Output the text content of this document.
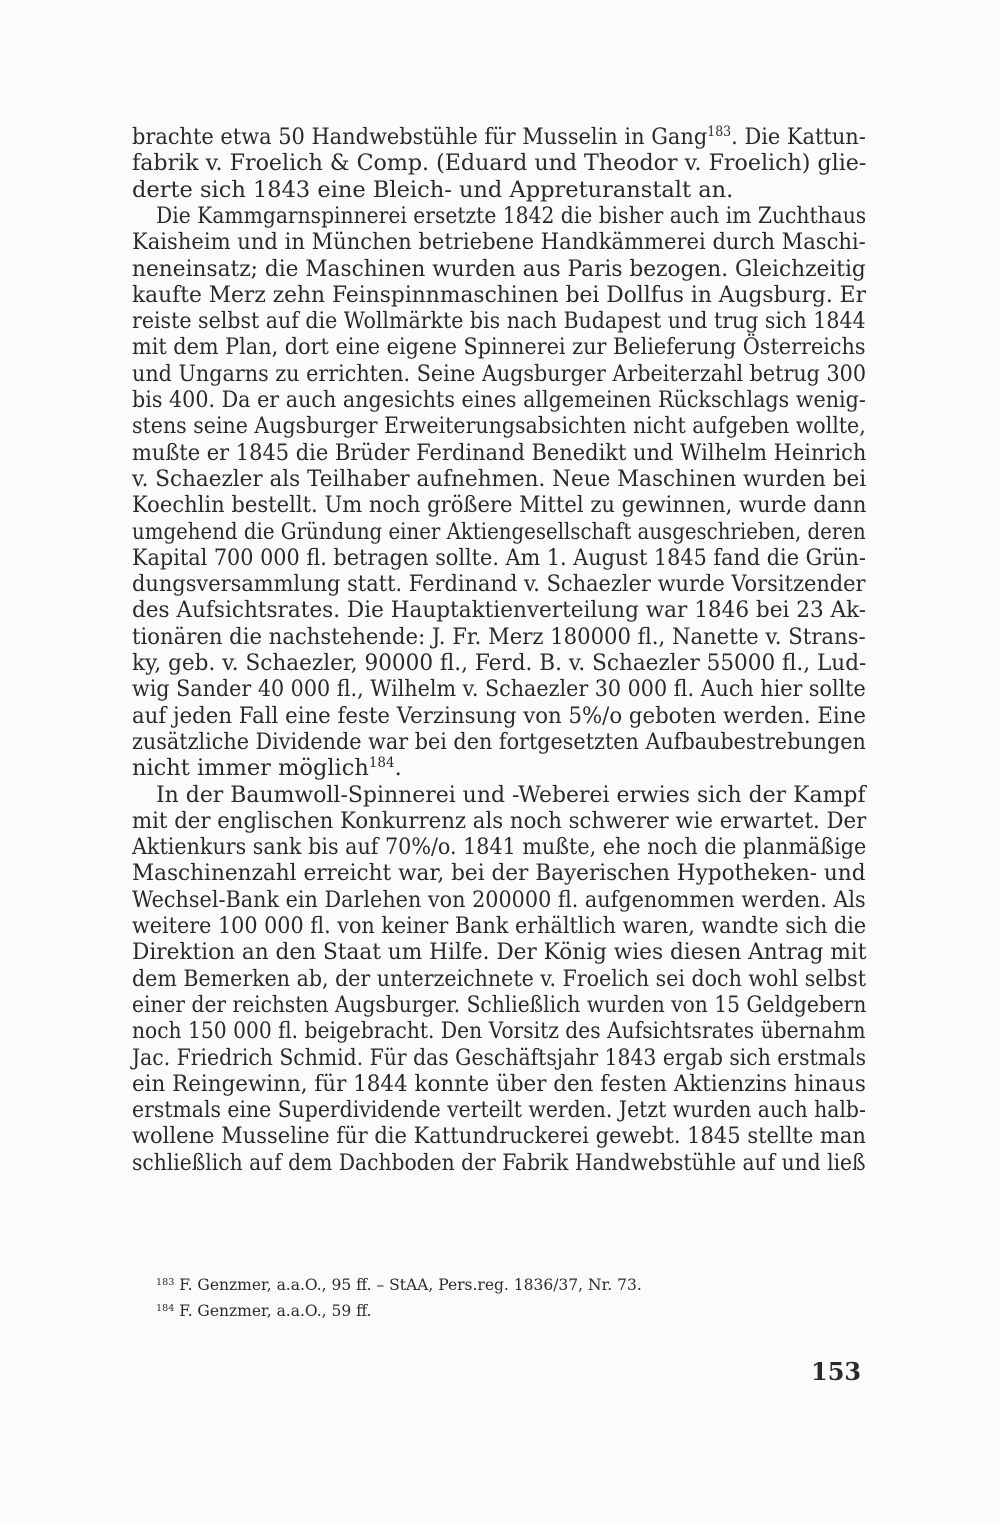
brachte etwa 50 Handwebstühle für Musselin in Gang$^{183}$. Die Kattun-
fabrik v. Froelich & Comp. (Eduard und Theodor v. Froelich) glie-
derte sich 1843 eine Bleich- und Appreturanstalt an.
Die Kammgarnspinnerei ersetzte 1842 die bisher auch im Zuchthaus
Kaisheim und in München betriebene Handkämmerei durch Maschi-
neneinsatz; die Maschinen wurden aus Paris bezogen. Gleichzeitig
kaufte Merz zehn Feinspinnmaschinen bei Dollfus in Augsburg. Er
reiste selbst auf die Wollmärkte bis nach Budapest und trug sich 1844
mit dem Plan, dort eine eigene Spinnerei zur Belieferung Österreichs
und Ungarns zu errichten. Seine Augsburger Arbeiterzahl betrug 300
bis 400. Da er auch angesichts eines allgemeinen Rückschlags wenig-
stens seine Augsburger Erweiterungsabsichten nicht aufgeben wollte,
mußte er 1845 die Brüder Ferdinand Benedikt und Wilhelm Heinrich
v. Schaezler als Teilhaber aufnehmen. Neue Maschinen wurden bei
Koechlin bestellt. Um noch größere Mittel zu gewinnen, wurde dann
umgehend die Gründung einer Aktiengesellschaft ausgeschrieben, deren
Kapital 700 000 fl. betragen sollte. Am 1. August 1845 fand die Grün-
dungsversammlung statt. Ferdinand v. Schaezler wurde Vorsitzender
des Aufsichtsrates. Die Hauptaktienverteilung war 1846 bei 23 Ak-
tionären die nachstehende: J. Fr. Merz 180000 fl., Nanette v. Strans-
ky, geb. v. Schaezler, 90000 fl., Ferd. B. v. Schaezler 55000 fl., Lud-
wig Sander 40 000 fl., Wilhelm v. Schaezler 30 000 fl. Auch hier sollte
auf jeden Fall eine feste Verzinsung von 5%/o geboten werden. Eine
zusätzliche Dividende war bei den fortgesetzten Aufbaubestrebungen
nicht immer möglich$^{184}$.
In der Baumwoll-Spinnerei und -Weberei erwies sich der Kampf
mit der englischen Konkurrenz als noch schwerer wie erwartet. Der
Aktienkurs sank bis auf 70%/o. 1841 mußte, ehe noch die planmäßige
Maschinenzahl erreicht war, bei der Bayerischen Hypotheken- und
Wechsel-Bank ein Darlehen von 200000 fl. aufgenommen werden. Als
weitere 100 000 fl. von keiner Bank erhältlich waren, wandte sich die
Direktion an den Staat um Hilfe. Der König wies diesen Antrag mit
dem Bemerken ab, der unterzeichnete v. Froelich sei doch wohl selbst
einer der reichsten Augsburger. Schließlich wurden von 15 Geldgebern
noch 150 000 fl. beigebracht. Den Vorsitz des Aufsichtsrates übernahm
Jac. Friedrich Schmid. Für das Geschäftsjahr 1843 ergab sich erstmals
ein Reingewinn, für 1844 konnte über den festen Aktienzins hinaus
erstmals eine Superdividende verteilt werden. Jetzt wurden auch halb-
wollene Musseline für die Kattundruckerei gewebt. 1845 stellte man
schließlich auf dem Dachboden der Fabrik Handwebstühle auf und ließ
$^{183}$ F. Genzmer, a.a.O., 95 ff. – StAA, Pers.reg. 1836/37, Nr. 73.
$^{184}$ F. Genzmer, a.a.O., 59 ff.
153
